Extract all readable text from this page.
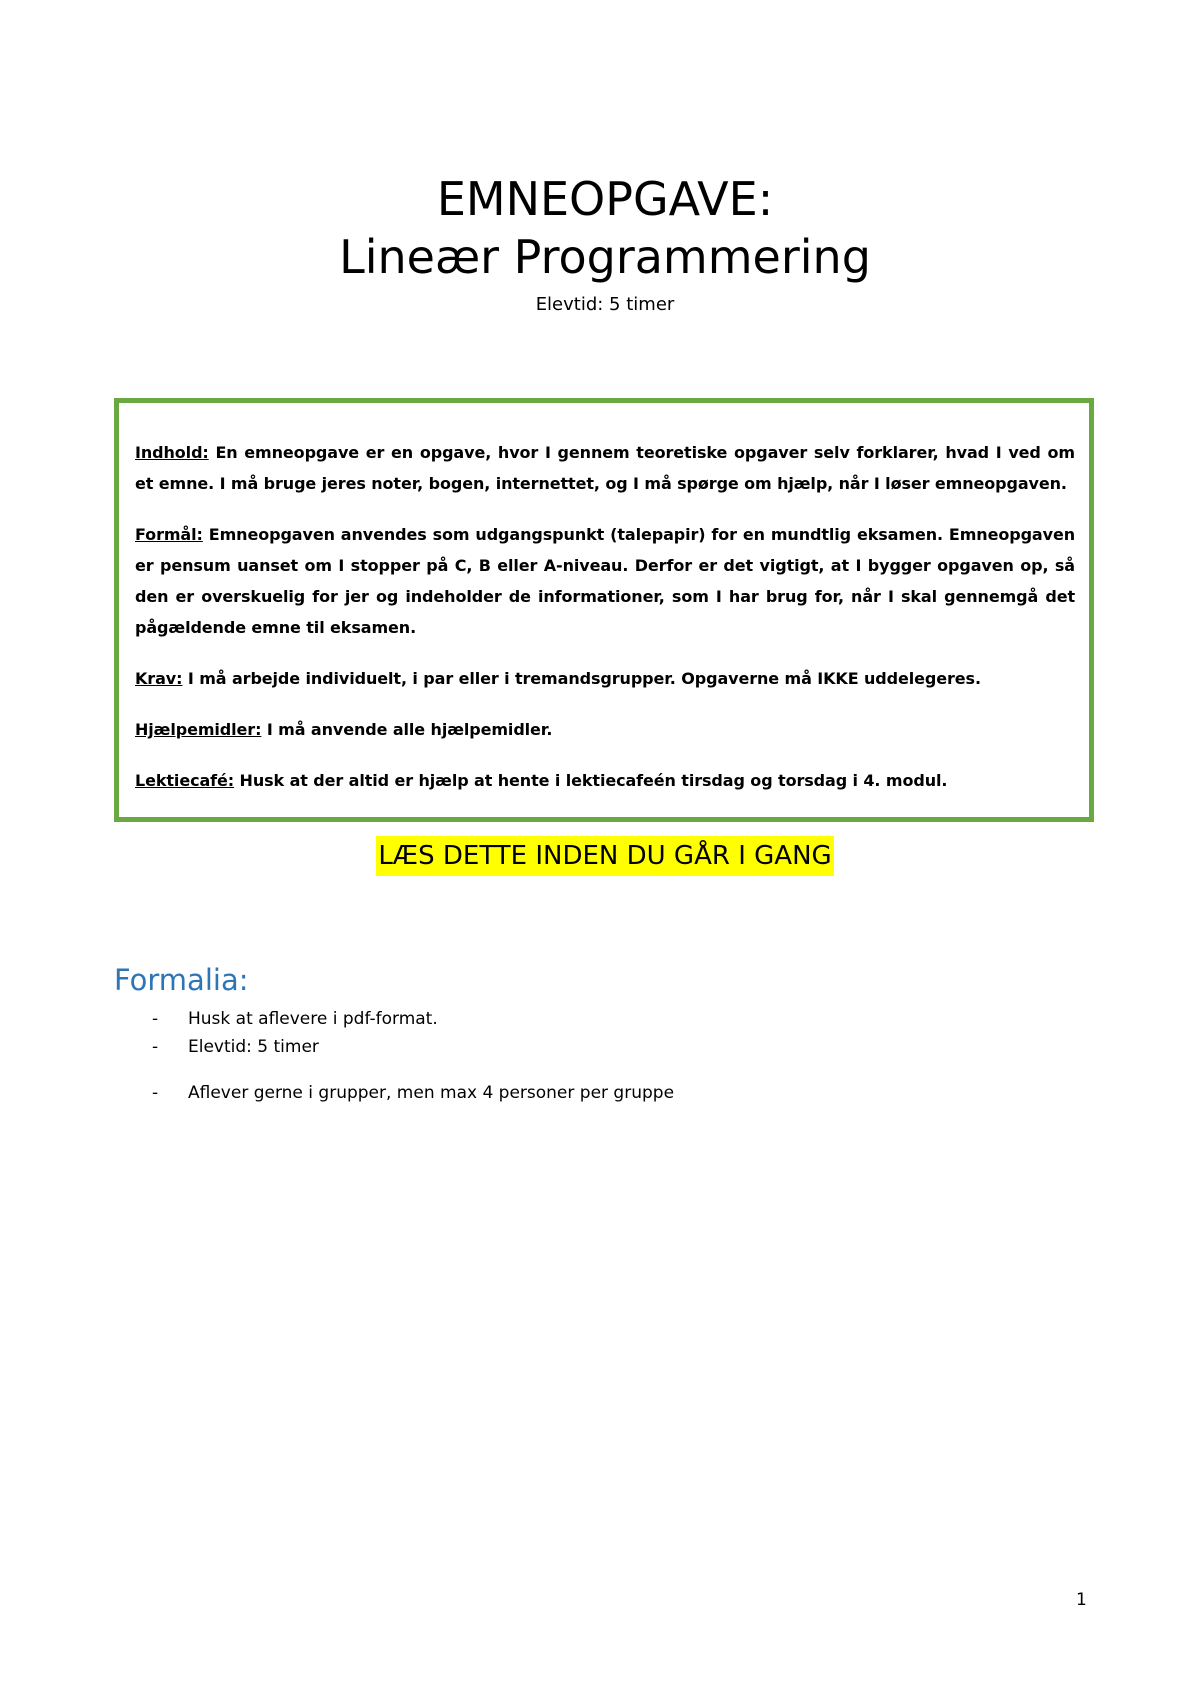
EMNEOPGAVE:
Lineær Programmering
Elevtid: 5 timer

Indhold: En emneopgave er en opgave, hvor I gennem teoretiske opgaver selv forklarer, hvad I ved om et emne. I må bruge jeres noter, bogen, internettet, og I må spørge om hjælp, når I løser emneopgaven.

Formål: Emneopgaven anvendes som udgangspunkt (talepapir) for en mundtlig eksamen. Emneopgaven er pensum uanset om I stopper på C, B eller A-niveau. Derfor er det vigtigt, at I bygger opgaven op, så den er overskuelig for jer og indeholder de informationer, som I har brug for, når I skal gennemgå det pågældende emne til eksamen.

Krav: I må arbejde individuelt, i par eller i tremandsgrupper. Opgaverne må IKKE uddelegeres.

Hjælpemidler: I må anvende alle hjælpemidler.

Lektiecafé: Husk at der altid er hjælp at hente i lektiecafeén tirsdag og torsdag i 4. modul.

LÆS DETTE INDEN DU GÅR I GANG
Formalia:
- Husk at aflevere i pdf-format.
- Elevtid: 5 timer
- Aflever gerne i grupper, men max 4 personer per gruppe
1
